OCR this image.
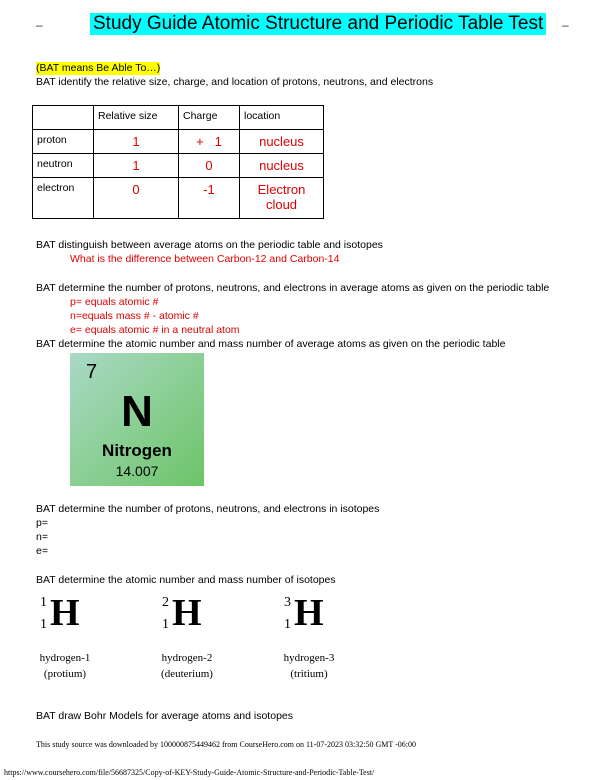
–	–
Study Guide Atomic Structure and Periodic Table Test
(BAT means Be Able To…)
BAT identify the relative size, charge, and location of protons, neutrons, and electrons
	Relative size	Charge	location
proton	1	+   1	nucleus
neutron	1	0	nucleus
electron	0	-1	Electron cloud
BAT distinguish between average atoms on the periodic table and isotopes
What is the difference between Carbon-12 and Carbon-14
BAT determine the number of protons, neutrons, and electrons in average atoms as given on the periodic table
p= equals atomic #
n=equals mass # - atomic #
e= equals atomic # in a neutral atom
BAT determine the atomic number and mass number of average atoms as given on the periodic table
7
N
Nitrogen
14.007
BAT determine the number of protons, neutrons, and electrons in isotopes
p=
n=
e=
BAT determine the atomic number and mass number of isotopes
1
1 H	2
1 H	3
1 H
hydrogen-1
(protium)
hydrogen-2
(deuterium)
hydrogen-3
(tritium)
BAT draw Bohr Models for average atoms and isotopes
This study source was downloaded by 100000875449462 from CourseHero.com on 11-07-2023 03:32:50 GMT -06:00
https://www.coursehero.com/file/56687325/Copy-of-KEY-Study-Guide-Atomic-Structure-and-Periodic-Table-Test/
